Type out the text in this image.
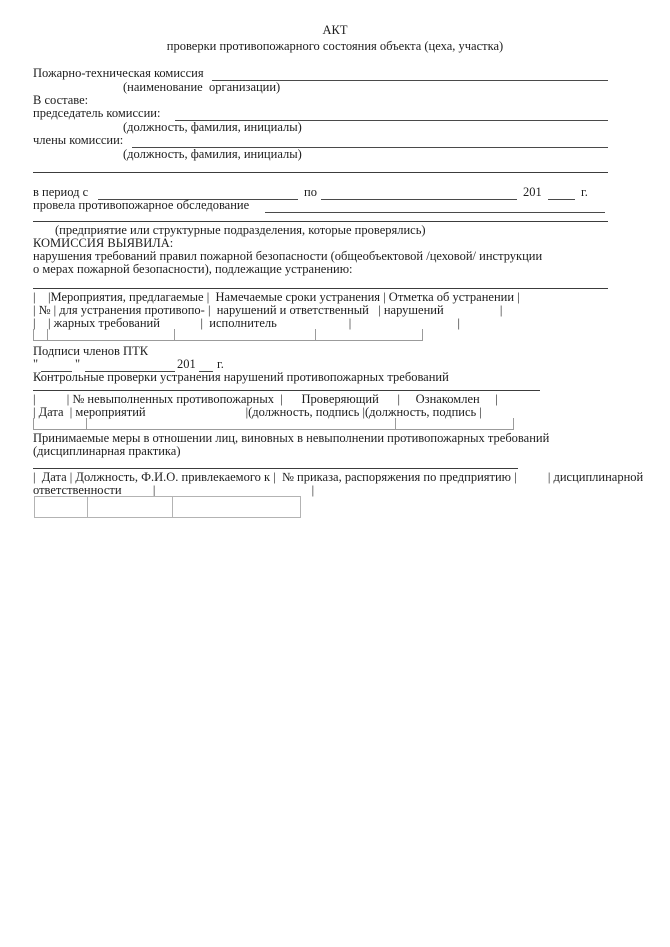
АКТ
проверки противопожарного состояния объекта (цеха, участка)
Пожарно-техническая комиссия
(наименование  организации)
В составе:
председатель комиссии:
(должность, фамилия, инициалы)
члены комиссии:
(должность, фамилия, инициалы)
в период с	по	201	г.
провела противопожарное обследование
(предприятие или структурные подразделения, которые проверялись)
КОМИССИЯ ВЫЯВИЛА:
нарушения требований правил пожарной безопасности (общеобъектовой /цеховой/ инструкции
о мерах пожарной безопасности), подлежащие устранению:
|    |Мероприятия, предлагаемые |  Намечаемые сроки устранения | Отметка об устранении |
| № | для устранения противопо- |  нарушений и ответственный   | нарушений                  |
|    | жарных требований             |  исполнитель                       |                                  |
Подписи членов ПТК
"	"	201 г.
Контрольные проверки устранения нарушений противопожарных требований
|          | № невыполненных противопожарных  |      Проверяющий      |     Ознакомлен     |
| Дата  | мероприятий                                |(должность, подпись |(должность, подпись |
Принимаемые меры в отношении лиц, виновных в невыполнении противопожарных требований
(дисциплинарная практика)
|  Дата | Должность, Ф.И.О. привлекаемого к |  № приказа, распоряжения по предприятию |          | дисциплинарной
ответственности          |                                                  |
